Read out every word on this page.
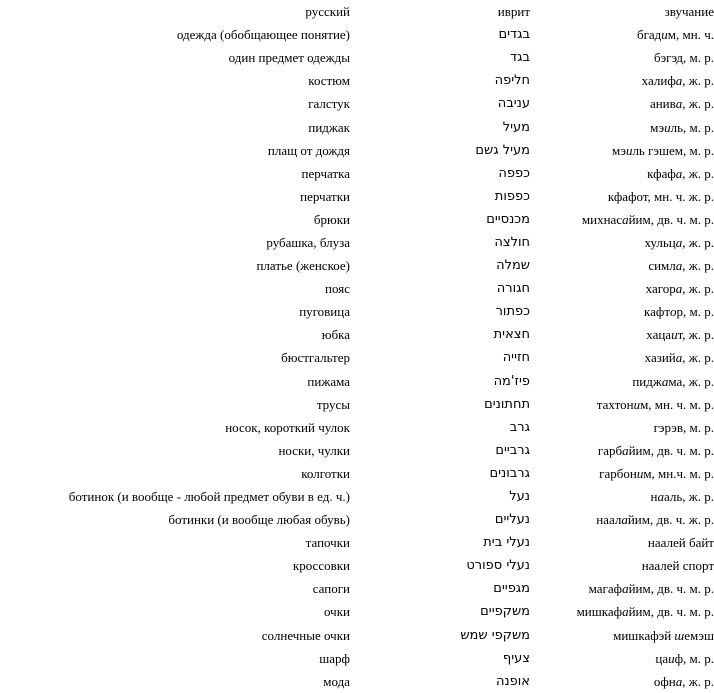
русский	иврит	звучание
одежда (обобщающее понятие)	בגדים	бгадим, мн. ч.
один предмет одежды	בגד	бэгэд, м. р.
костюм	חליפה	халифа, ж. р.
галстук	עניבה	анива, ж. р.
пиджак	מעיל	мэиль, м. р.
плащ от дождя	מעיל גשם	мэиль гэшем, м. р.
перчатка	כפפה	кфафа, ж. р.
перчатки	כפפות	кфафот, мн. ч. ж. р.
брюки	מכנסיים	михнасайим, дв. ч. м. р.
рубашка, блуза	חולצה	хульца, ж. р.
платье (женское)	שמלה	симла, ж. р.
пояс	חגורה	хагора, ж. р.
пуговица	כפתור	кафтор, м. р.
юбка	חצאית	хацаит, ж. р.
бюстгальтер	חזייה	хазийа, ж. р.
пижама	פיז'מה	пиджама, ж. р.
трусы	תחתונים	тахтоним, мн. ч. м. р.
носок, короткий чулок	גרב	гэрэв, м. р.
носки, чулки	גרביים	гарбайим, дв. ч. м. р.
колготки	גרבונים	гарбоним, мн.ч. м. р.
ботинок (и вообще - любой предмет обуви в ед. ч.)	נעל	нааль, ж. р.
ботинки (и вообще любая обувь)	נעליים	наалайим, дв. ч. ж. р.
тапочки	נעלי בית	наалей байт
кроссовки	נעלי ספורט	наалей спорт
сапоги	מגפיים	магафайим, дв. ч. м. р.
очки	משקפיים	мишкафайим, дв. ч. м. р.
солнечные очки	משקפי שמש	мишкафэй шемэш
шарф	צעיף	цаиф, м. р.
мода	אופנה	офна, ж. р.
